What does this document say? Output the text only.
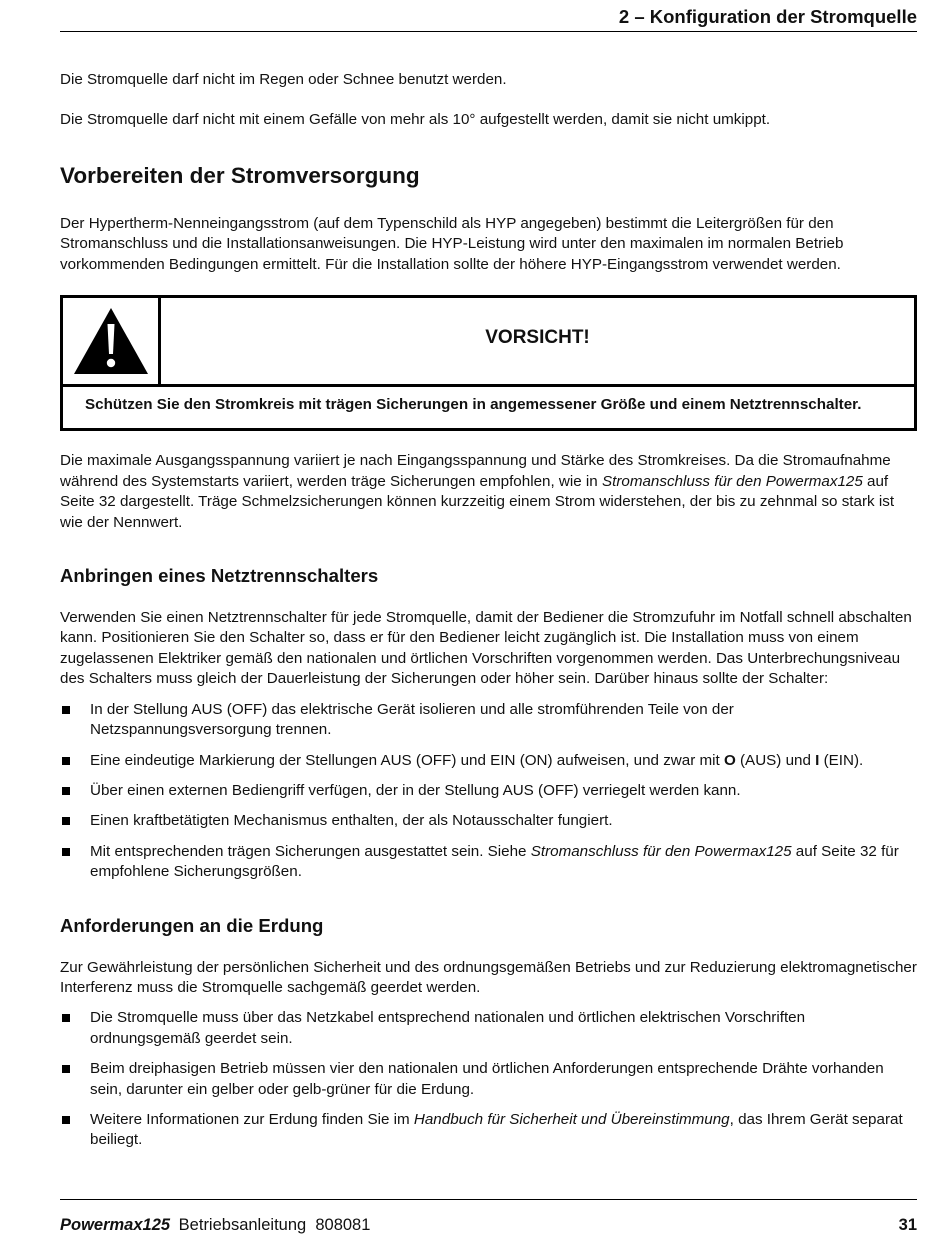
2 – Konfiguration der Stromquelle

Die Stromquelle darf nicht im Regen oder Schnee benutzt werden.

Die Stromquelle darf nicht mit einem Gefälle von mehr als 10° aufgestellt werden, damit sie nicht umkippt.

Vorbereiten der Stromversorgung

Der Hypertherm-Nenneingangsstrom (auf dem Typenschild als HYP angegeben) bestimmt die Leitergrößen für den Stromanschluss und die Installationsanweisungen. Die HYP-Leistung wird unter den maximalen im normalen Betrieb vorkommenden Bedingungen ermittelt. Für die Installation sollte der höhere HYP-Eingangsstrom verwendet werden.

VORSICHT!
Schützen Sie den Stromkreis mit trägen Sicherungen in angemessener Größe und einem Netztrennschalter.

Die maximale Ausgangsspannung variiert je nach Eingangsspannung und Stärke des Stromkreises. Da die Stromaufnahme während des Systemstarts variiert, werden träge Sicherungen empfohlen, wie in Stromanschluss für den Powermax125 auf Seite 32 dargestellt. Träge Schmelzsicherungen können kurzzeitig einem Strom widerstehen, der bis zu zehnmal so stark ist wie der Nennwert.

Anbringen eines Netztrennschalters

Verwenden Sie einen Netztrennschalter für jede Stromquelle, damit der Bediener die Stromzufuhr im Notfall schnell abschalten kann. Positionieren Sie den Schalter so, dass er für den Bediener leicht zugänglich ist. Die Installation muss von einem zugelassenen Elektriker gemäß den nationalen und örtlichen Vorschriften vorgenommen werden. Das Unterbrechungsniveau des Schalters muss gleich der Dauerleistung der Sicherungen oder höher sein. Darüber hinaus sollte der Schalter:

In der Stellung AUS (OFF) das elektrische Gerät isolieren und alle stromführenden Teile von der Netzspannungsversorgung trennen.
Eine eindeutige Markierung der Stellungen AUS (OFF) und EIN (ON) aufweisen, und zwar mit O (AUS) und I (EIN).
Über einen externen Bediengriff verfügen, der in der Stellung AUS (OFF) verriegelt werden kann.
Einen kraftbetätigten Mechanismus enthalten, der als Notausschalter fungiert.
Mit entsprechenden trägen Sicherungen ausgestattet sein. Siehe Stromanschluss für den Powermax125 auf Seite 32 für empfohlene Sicherungsgrößen.
Anforderungen an die Erdung

Zur Gewährleistung der persönlichen Sicherheit und des ordnungsgemäßen Betriebs und zur Reduzierung elektromagnetischer Interferenz muss die Stromquelle sachgemäß geerdet werden.

Die Stromquelle muss über das Netzkabel entsprechend nationalen und örtlichen elektrischen Vorschriften ordnungsgemäß geerdet sein.
Beim dreiphasigen Betrieb müssen vier den nationalen und örtlichen Anforderungen entsprechende Drähte vorhanden sein, darunter ein gelber oder gelb-grüner für die Erdung.
Weitere Informationen zur Erdung finden Sie im Handbuch für Sicherheit und Übereinstimmung, das Ihrem Gerät separat beiliegt.
Powermax125 Betriebsanleitung  808081	31
